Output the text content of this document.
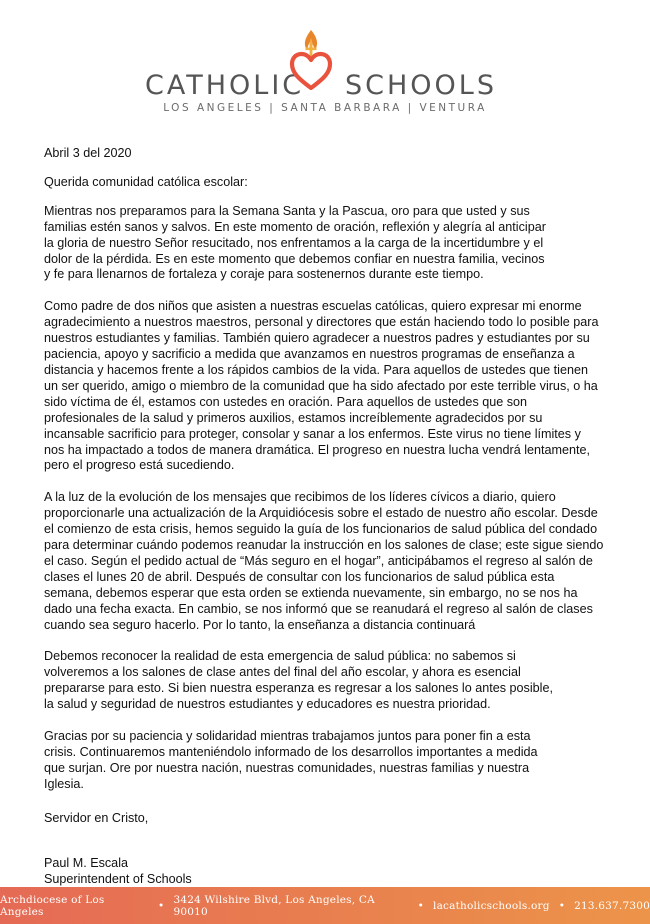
CATHOLIC SCHOOLS
LOS ANGELES | SANTA BARBARA | VENTURA

Abril 3 del 2020

Querida comunidad católica escolar:

Mientras nos preparamos para la Semana Santa y la Pascua, oro para que usted y sus
familias estén sanos y salvos. En este momento de oración, reflexión y alegría al anticipar
la gloria de nuestro Señor resucitado, nos enfrentamos a la carga de la incertidumbre y el
dolor de la pérdida. Es en este momento que debemos confiar en nuestra familia, vecinos
y fe para llenarnos de fortaleza y coraje para sostenernos durante este tiempo.

Como padre de dos niños que asisten a nuestras escuelas católicas, quiero expresar mi enorme
agradecimiento a nuestros maestros, personal y directores que están haciendo todo lo posible para
nuestros estudiantes y familias. También quiero agradecer a nuestros padres y estudiantes por su
paciencia, apoyo y sacrificio a medida que avanzamos en nuestros programas de enseñanza a
distancia y hacemos frente a los rápidos cambios de la vida. Para aquellos de ustedes que tienen
un ser querido, amigo o miembro de la comunidad que ha sido afectado por este terrible virus, o ha
sido víctima de él, estamos con ustedes en oración. Para aquellos de ustedes que son
profesionales de la salud y primeros auxilios, estamos increíblemente agradecidos por su
incansable sacrificio para proteger, consolar y sanar a los enfermos. Este virus no tiene límites y
nos ha impactado a todos de manera dramática. El progreso en nuestra lucha vendrá lentamente,
pero el progreso está sucediendo.

A la luz de la evolución de los mensajes que recibimos de los líderes cívicos a diario, quiero
proporcionarle una actualización de la Arquidiócesis sobre el estado de nuestro año escolar. Desde
el comienzo de esta crisis, hemos seguido la guía de los funcionarios de salud pública del condado
para determinar cuándo podemos reanudar la instrucción en los salones de clase; este sigue siendo
el caso. Según el pedido actual de “Más seguro en el hogar”, anticipábamos el regreso al salón de
clases el lunes 20 de abril. Después de consultar con los funcionarios de salud pública esta
semana, debemos esperar que esta orden se extienda nuevamente, sin embargo, no se nos ha
dado una fecha exacta. En cambio, se nos informó que se reanudará el regreso al salón de clases
cuando sea seguro hacerlo. Por lo tanto, la enseñanza a distancia continuará

Debemos reconocer la realidad de esta emergencia de salud pública: no sabemos si
volveremos a los salones de clase antes del final del año escolar, y ahora es esencial
prepararse para esto. Si bien nuestra esperanza es regresar a los salones lo antes posible,
la salud y seguridad de nuestros estudiantes y educadores es nuestra prioridad.

Gracias por su paciencia y solidaridad mientras trabajamos juntos para poner fin a esta
crisis. Continuaremos manteniéndolo informado de los desarrollos importantes a medida
que surjan. Ore por nuestra nación, nuestras comunidades, nuestras familias y nuestra
Iglesia.

Servidor en Cristo,

Paul M. Escala
Superintendent of Schools
Archdiocese of Los Angeles	• 3424 Wilshire Blvd, Los Angeles, CA 90010	• lacatholicschools.org • 213.637.7300
